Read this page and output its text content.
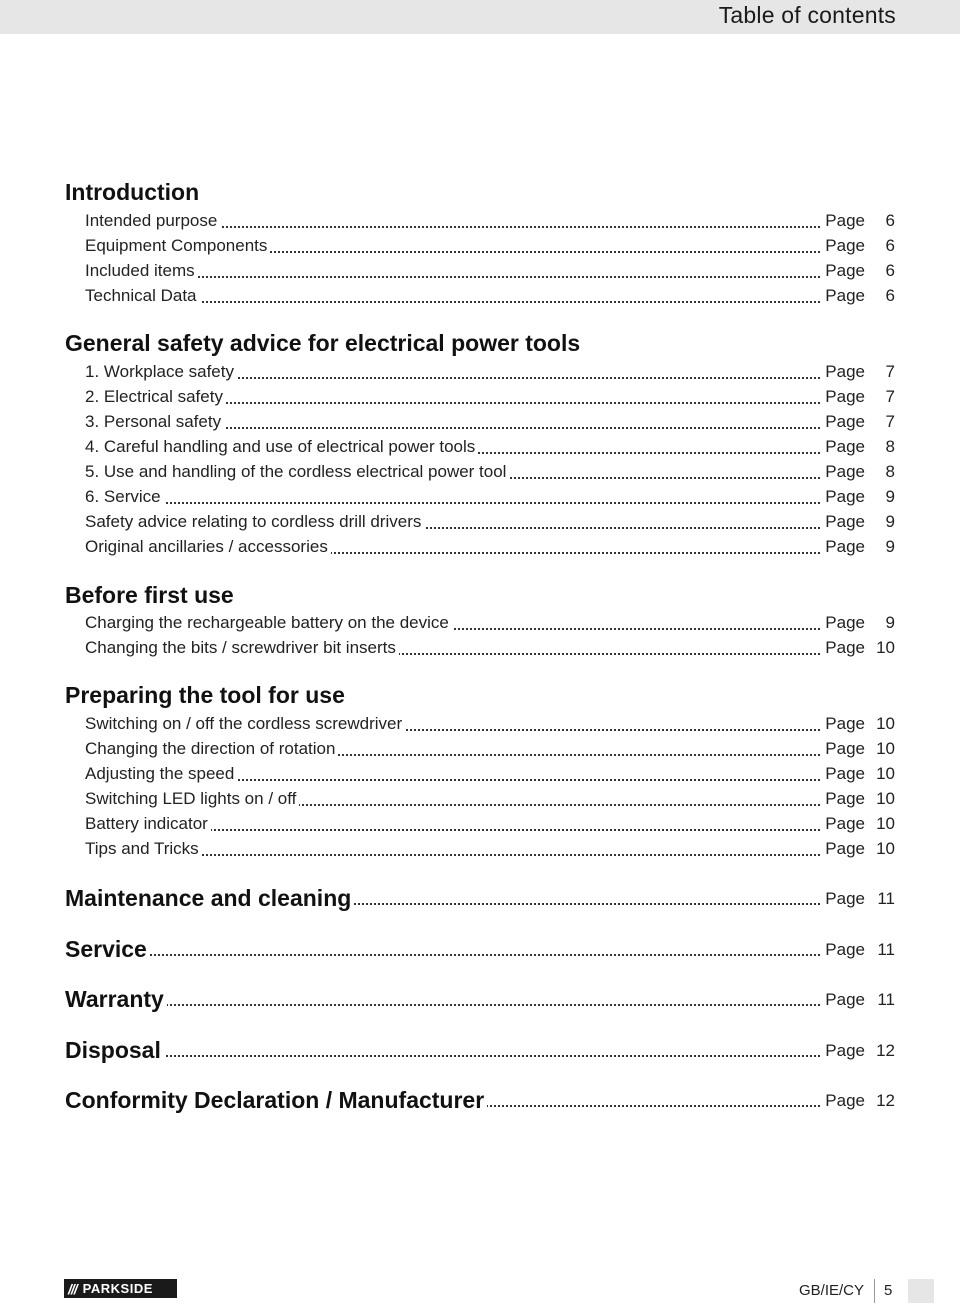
Table of contents
Introduction
Intended purpose	Page	6
Equipment Components	Page	6
Included items	Page	6
Technical Data	Page	6
General safety advice for electrical power tools
1. Workplace safety	Page	7
2. Electrical safety	Page	7
3. Personal safety	Page	7
4. Careful handling and use of electrical power tools	Page	8
5. Use and handling of the cordless electrical power tool	Page	8
6. Service	Page	9
Safety advice relating to cordless drill drivers	Page	9
Original ancillaries / accessories	Page	9
Before first use
Charging the rechargeable battery on the device	Page	9
Changing the bits / screwdriver bit inserts	Page 10
Preparing the tool for use
Switching on / off the cordless screwdriver	Page 10
Changing the direction of rotation	Page 10
Adjusting the speed	Page 10
Switching LED lights on / off	Page 10
Battery indicator	Page 10
Tips and Tricks	Page 10
Maintenance and cleaning	Page 11
Service	Page 11
Warranty	Page 11
Disposal	Page 12
Conformity Declaration / Manufacturer	Page 12
/// PARKSIDE	GB/IE/CY 5
